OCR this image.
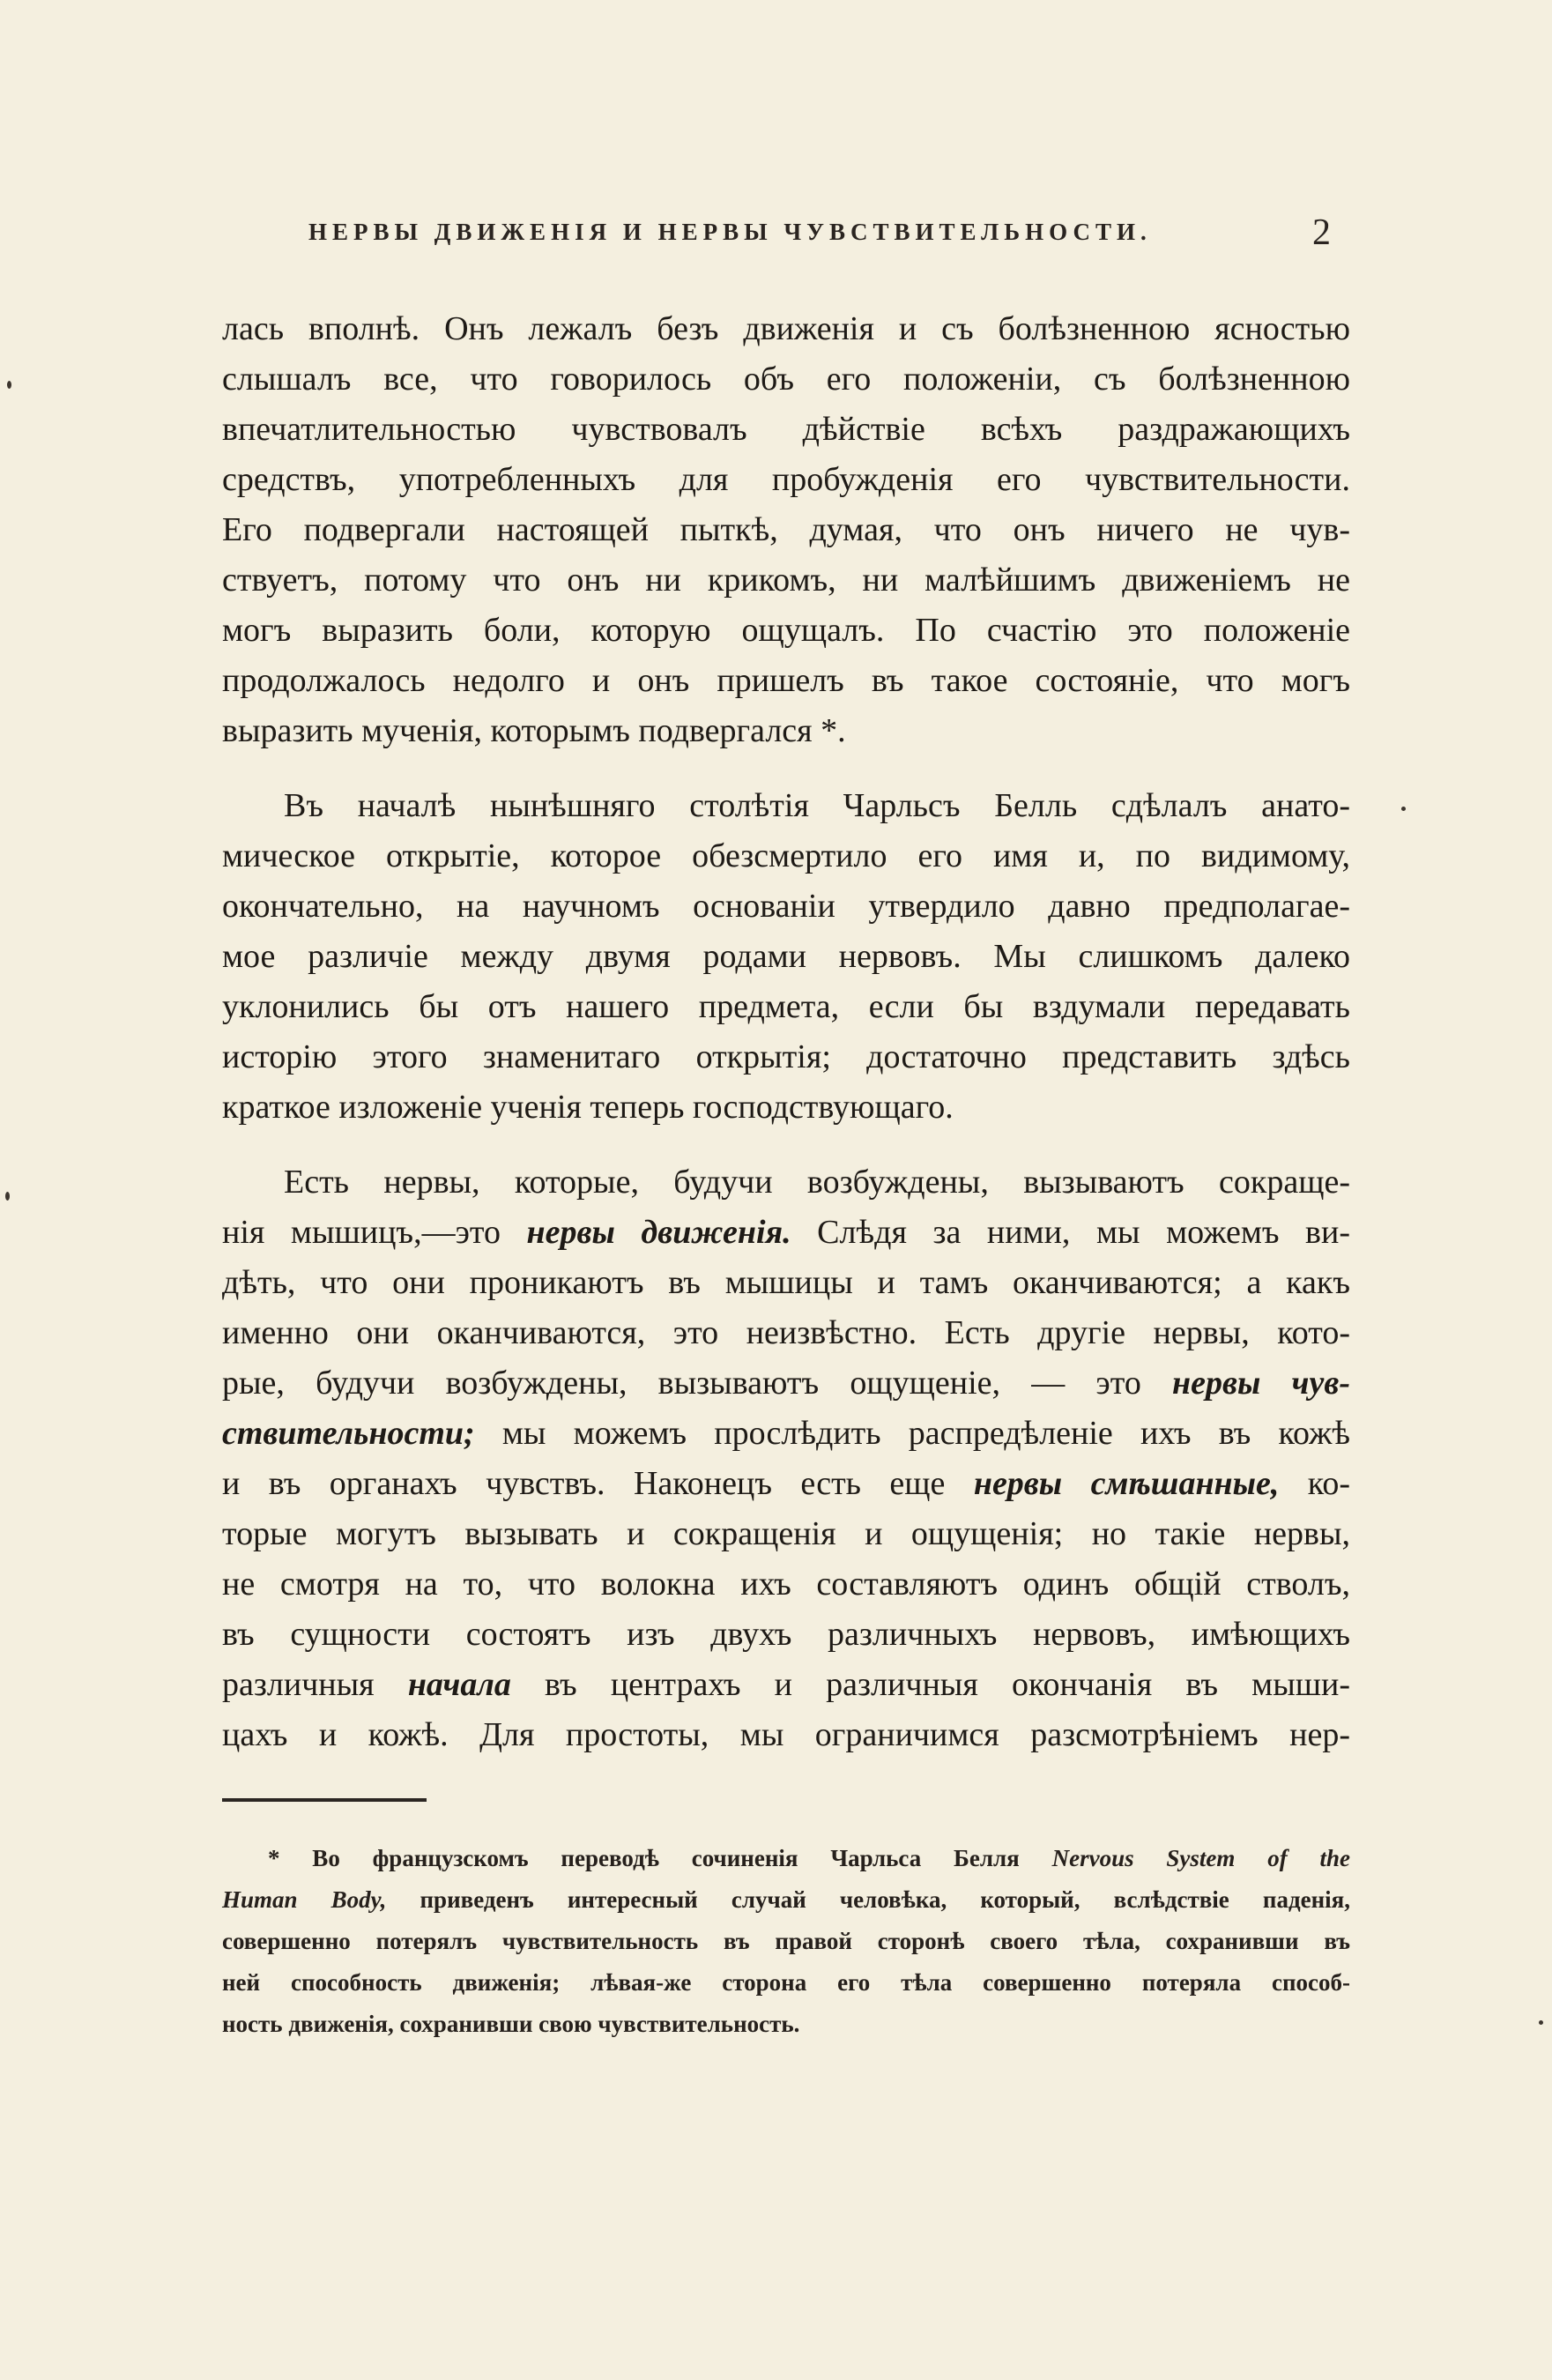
НЕРВЫ ДВИЖЕНІЯ И НЕРВЫ ЧУВСТВИТЕЛЬНОСТИ.	2
лась вполнѣ. Онъ лежалъ безъ движенія и съ болѣзненною ясностью
слышалъ все, что говорилось объ его положеніи, съ болѣзненною
впечатлительностью чувствовалъ дѣйствіе всѣхъ раздражающихъ
средствъ, употребленныхъ для пробужденія его чувствительности.
Его подвергали настоящей пыткѣ, думая, что онъ ничего не чув-
ствуетъ, потому что онъ ни крикомъ, ни малѣйшимъ движеніемъ не
могъ выразить боли, которую ощущалъ. По счастію это положеніе
продолжалось недолго и онъ пришелъ въ такое состояніе, что могъ
выразить мученія, которымъ подвергался *.
Въ началѣ нынѣшняго столѣтія Чарльсъ Белль сдѣлалъ анато-
мическое открытіе, которое обезсмертило его имя и, по видимому,
окончательно, на научномъ основаніи утвердило давно предполагае-
мое различіе между двумя родами нервовъ. Мы слишкомъ далеко
уклонились бы отъ нашего предмета, если бы вздумали передавать
исторію этого знаменитаго открытія; достаточно представить здѣсь
краткое изложеніе ученія теперь господствующаго.
Есть нервы, которые, будучи возбуждены, вызываютъ сокраще-
нія мышицъ,—это нервы движенія. Слѣдя за ними, мы можемъ ви-
дѣть, что они проникаютъ въ мышицы и тамъ оканчиваются; а какъ
именно они оканчиваются, это неизвѣстно. Есть другіе нервы, кото-
рые, будучи возбуждены, вызываютъ ощущеніе, — это нервы чув-
ствительности; мы можемъ прослѣдить распредѣленіе ихъ въ кожѣ
и въ органахъ чувствъ. Наконецъ есть еще нервы смѣшанные, ко-
торые могутъ вызывать и сокращенія и ощущенія; но такіе нервы,
не смотря на то, что волокна ихъ составляютъ одинъ общій стволъ,
въ сущности состоятъ изъ двухъ различныхъ нервовъ, имѣющихъ
различныя начала въ центрахъ и различныя окончанія въ мыши-
цахъ и кожѣ. Для простоты, мы ограничимся разсмотрѣніемъ нер-
* Во французскомъ переводѣ сочиненія Чарльса Белля Nervous System of the
Human Body, приведенъ интересный случай человѣка, который, вслѣдствіе паденія,
совершенно потерялъ чувствительность въ правой сторонѣ своего тѣла, сохранивши въ
ней способность движенія; лѣвая-же сторона его тѣла совершенно потеряла способ-
ность движенія, сохранивши свою чувствительность.
